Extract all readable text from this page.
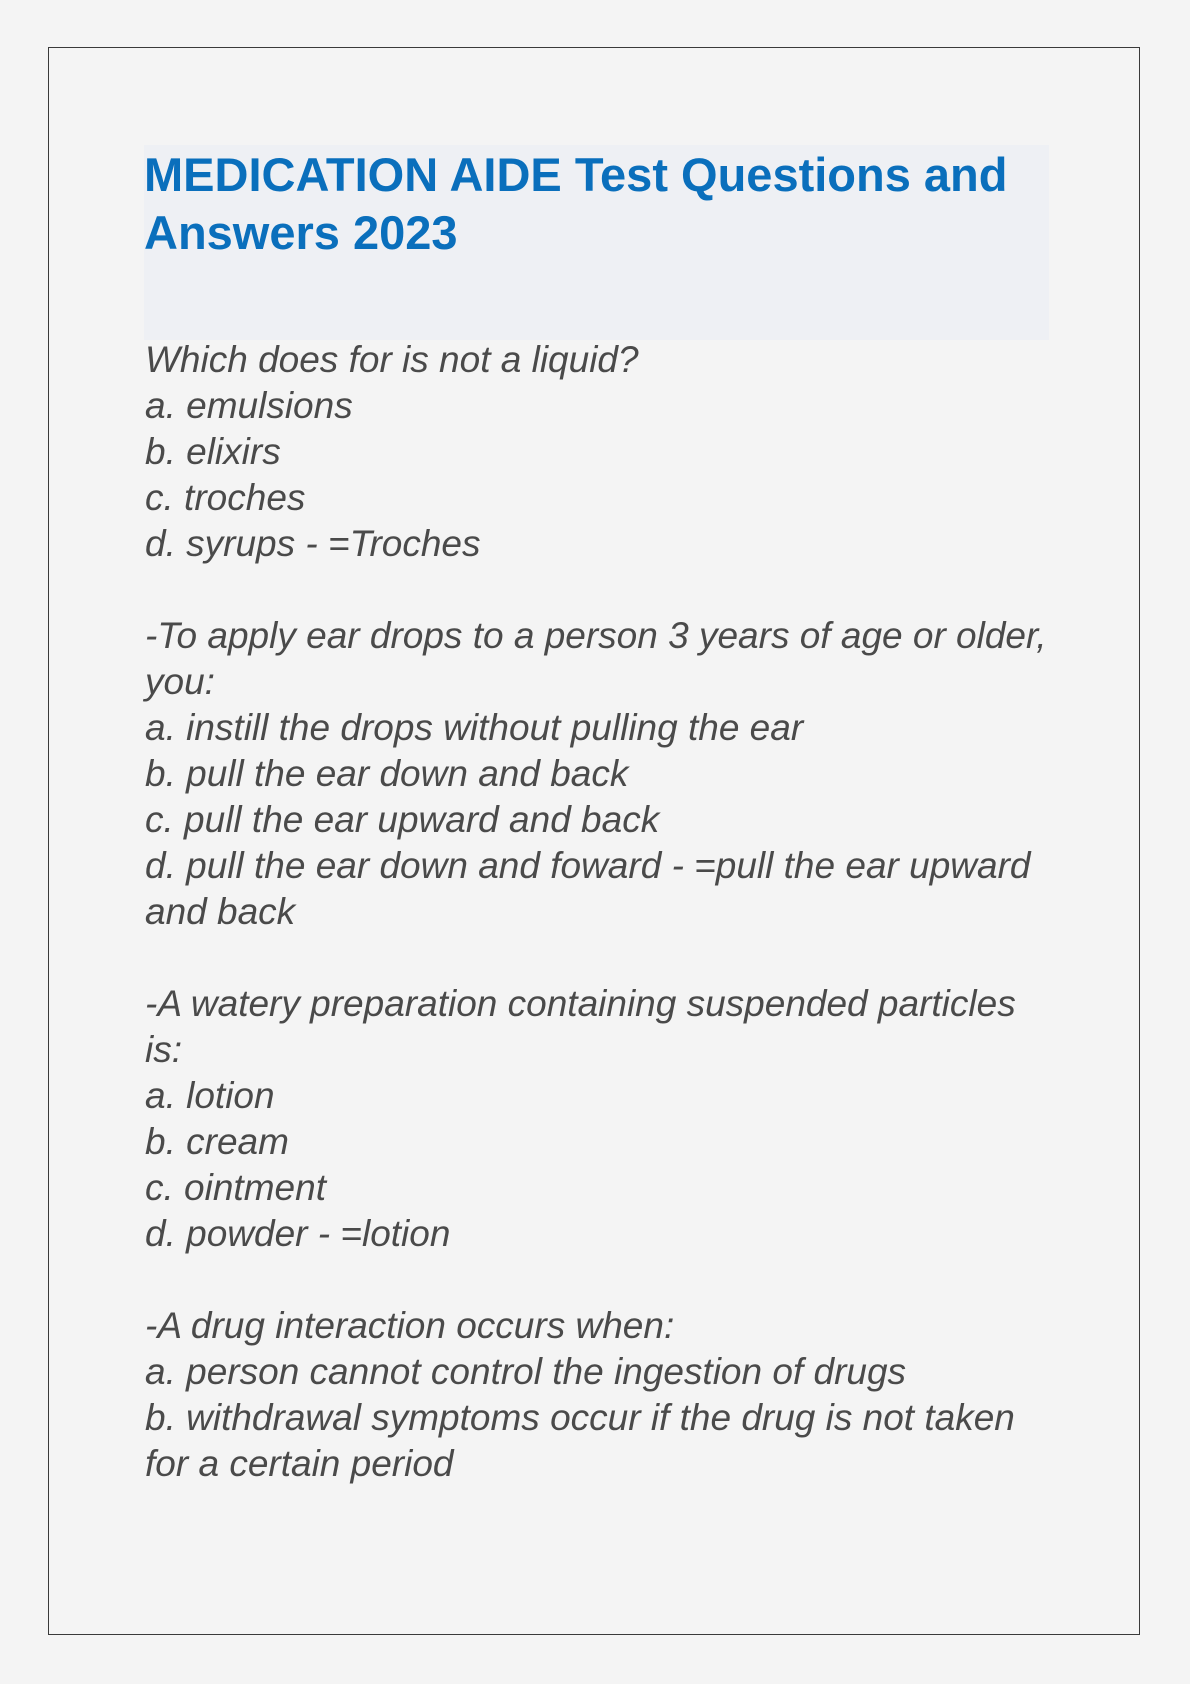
MEDICATION AIDE Test Questions and Answers 2023
Which does for is not a liquid?
a. emulsions
b. elixirs
c. troches
d. syrups - =Troches
-To apply ear drops to a person 3 years of age or older, you:
a. instill the drops without pulling the ear
b. pull the ear down and back
c. pull the ear upward and back
d. pull the ear down and foward - =pull the ear upward and back
-A watery preparation containing suspended particles is:
a. lotion
b. cream
c. ointment
d. powder - =lotion
-A drug interaction occurs when:
a. person cannot control the ingestion of drugs
b. withdrawal symptoms occur if the drug is not taken for a certain period
